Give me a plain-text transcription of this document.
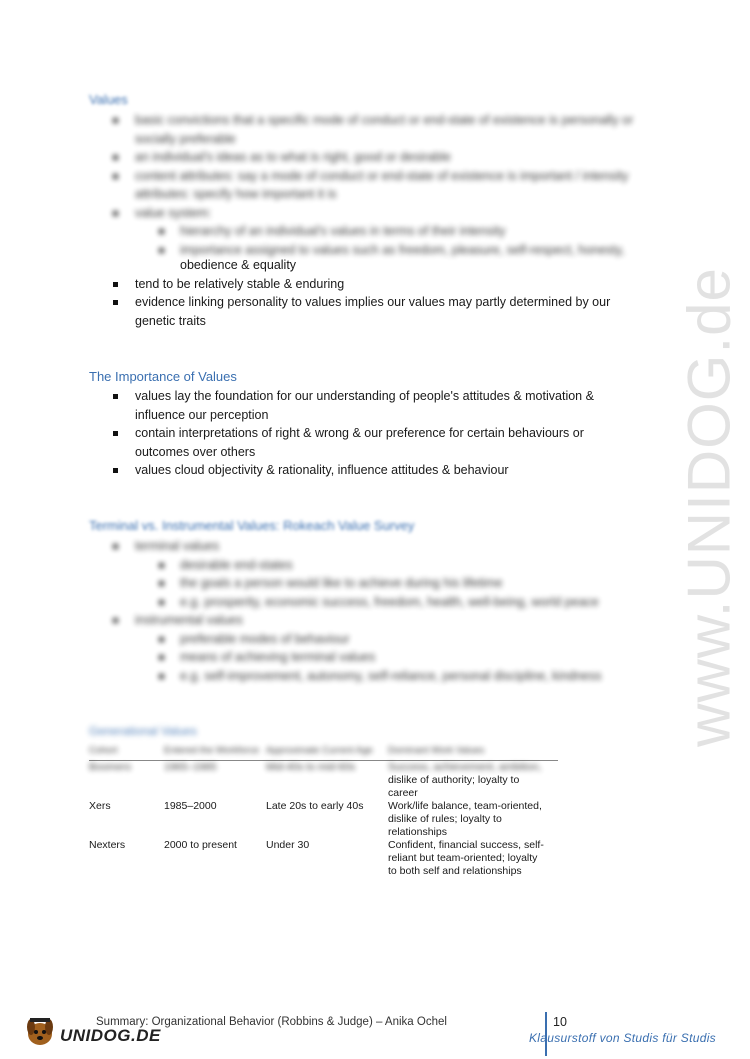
www.UNIDOG.de
Values
basic convictions that a specific mode of conduct or end-state of existence is personally or
socially preferable
an individual's ideas as to what is right, good or desirable
content attributes: say a mode of conduct or end-state of existence is important / intensity
attributes: specify how important it is
value system:
hierarchy of an individual's values in terms of their intensity
importance assigned to values such as freedom, pleasure, self-respect, honesty,
obedience & equality
tend to be relatively stable & enduring
evidence linking personality to values implies our values may partly determined by our
genetic traits
The Importance of Values
values lay the foundation for our understanding of people's attitudes & motivation &
influence our perception
contain interpretations of right & wrong & our preference for certain behaviours or
outcomes over others
values cloud objectivity & rationality, influence attitudes & behaviour
Terminal vs. Instrumental Values: Rokeach Value Survey
terminal values
desirable end-states
the goals a person would like to achieve during his lifetime
e.g. prosperity, economic success, freedom, health, well-being, world peace
instrumental values
preferable modes of behaviour
means of achieving terminal values
e.g. self-improvement, autonomy, self-reliance, personal discipline, kindness
Generational Values
Cohort	Entered the Workforce	Approximate Current Age	Dominant Work Values
Boomers	1965–1985	Mid-40s to mid-60s	Success, achievement, ambition,
dislike of authority; loyalty to
career

Xers	1985–2000	Late 20s to early 40s	Work/life balance, team-oriented,
dislike of rules; loyalty to
relationships

Nexters	2000 to present	Under 30	Confident, financial success, self-
reliant but team-oriented; loyalty
to both self and relationships
UNIDOG.DE
Summary: Organizational Behavior (Robbins & Judge) – Anika Ochel	10
Klausurstoff von Studis für Studis
